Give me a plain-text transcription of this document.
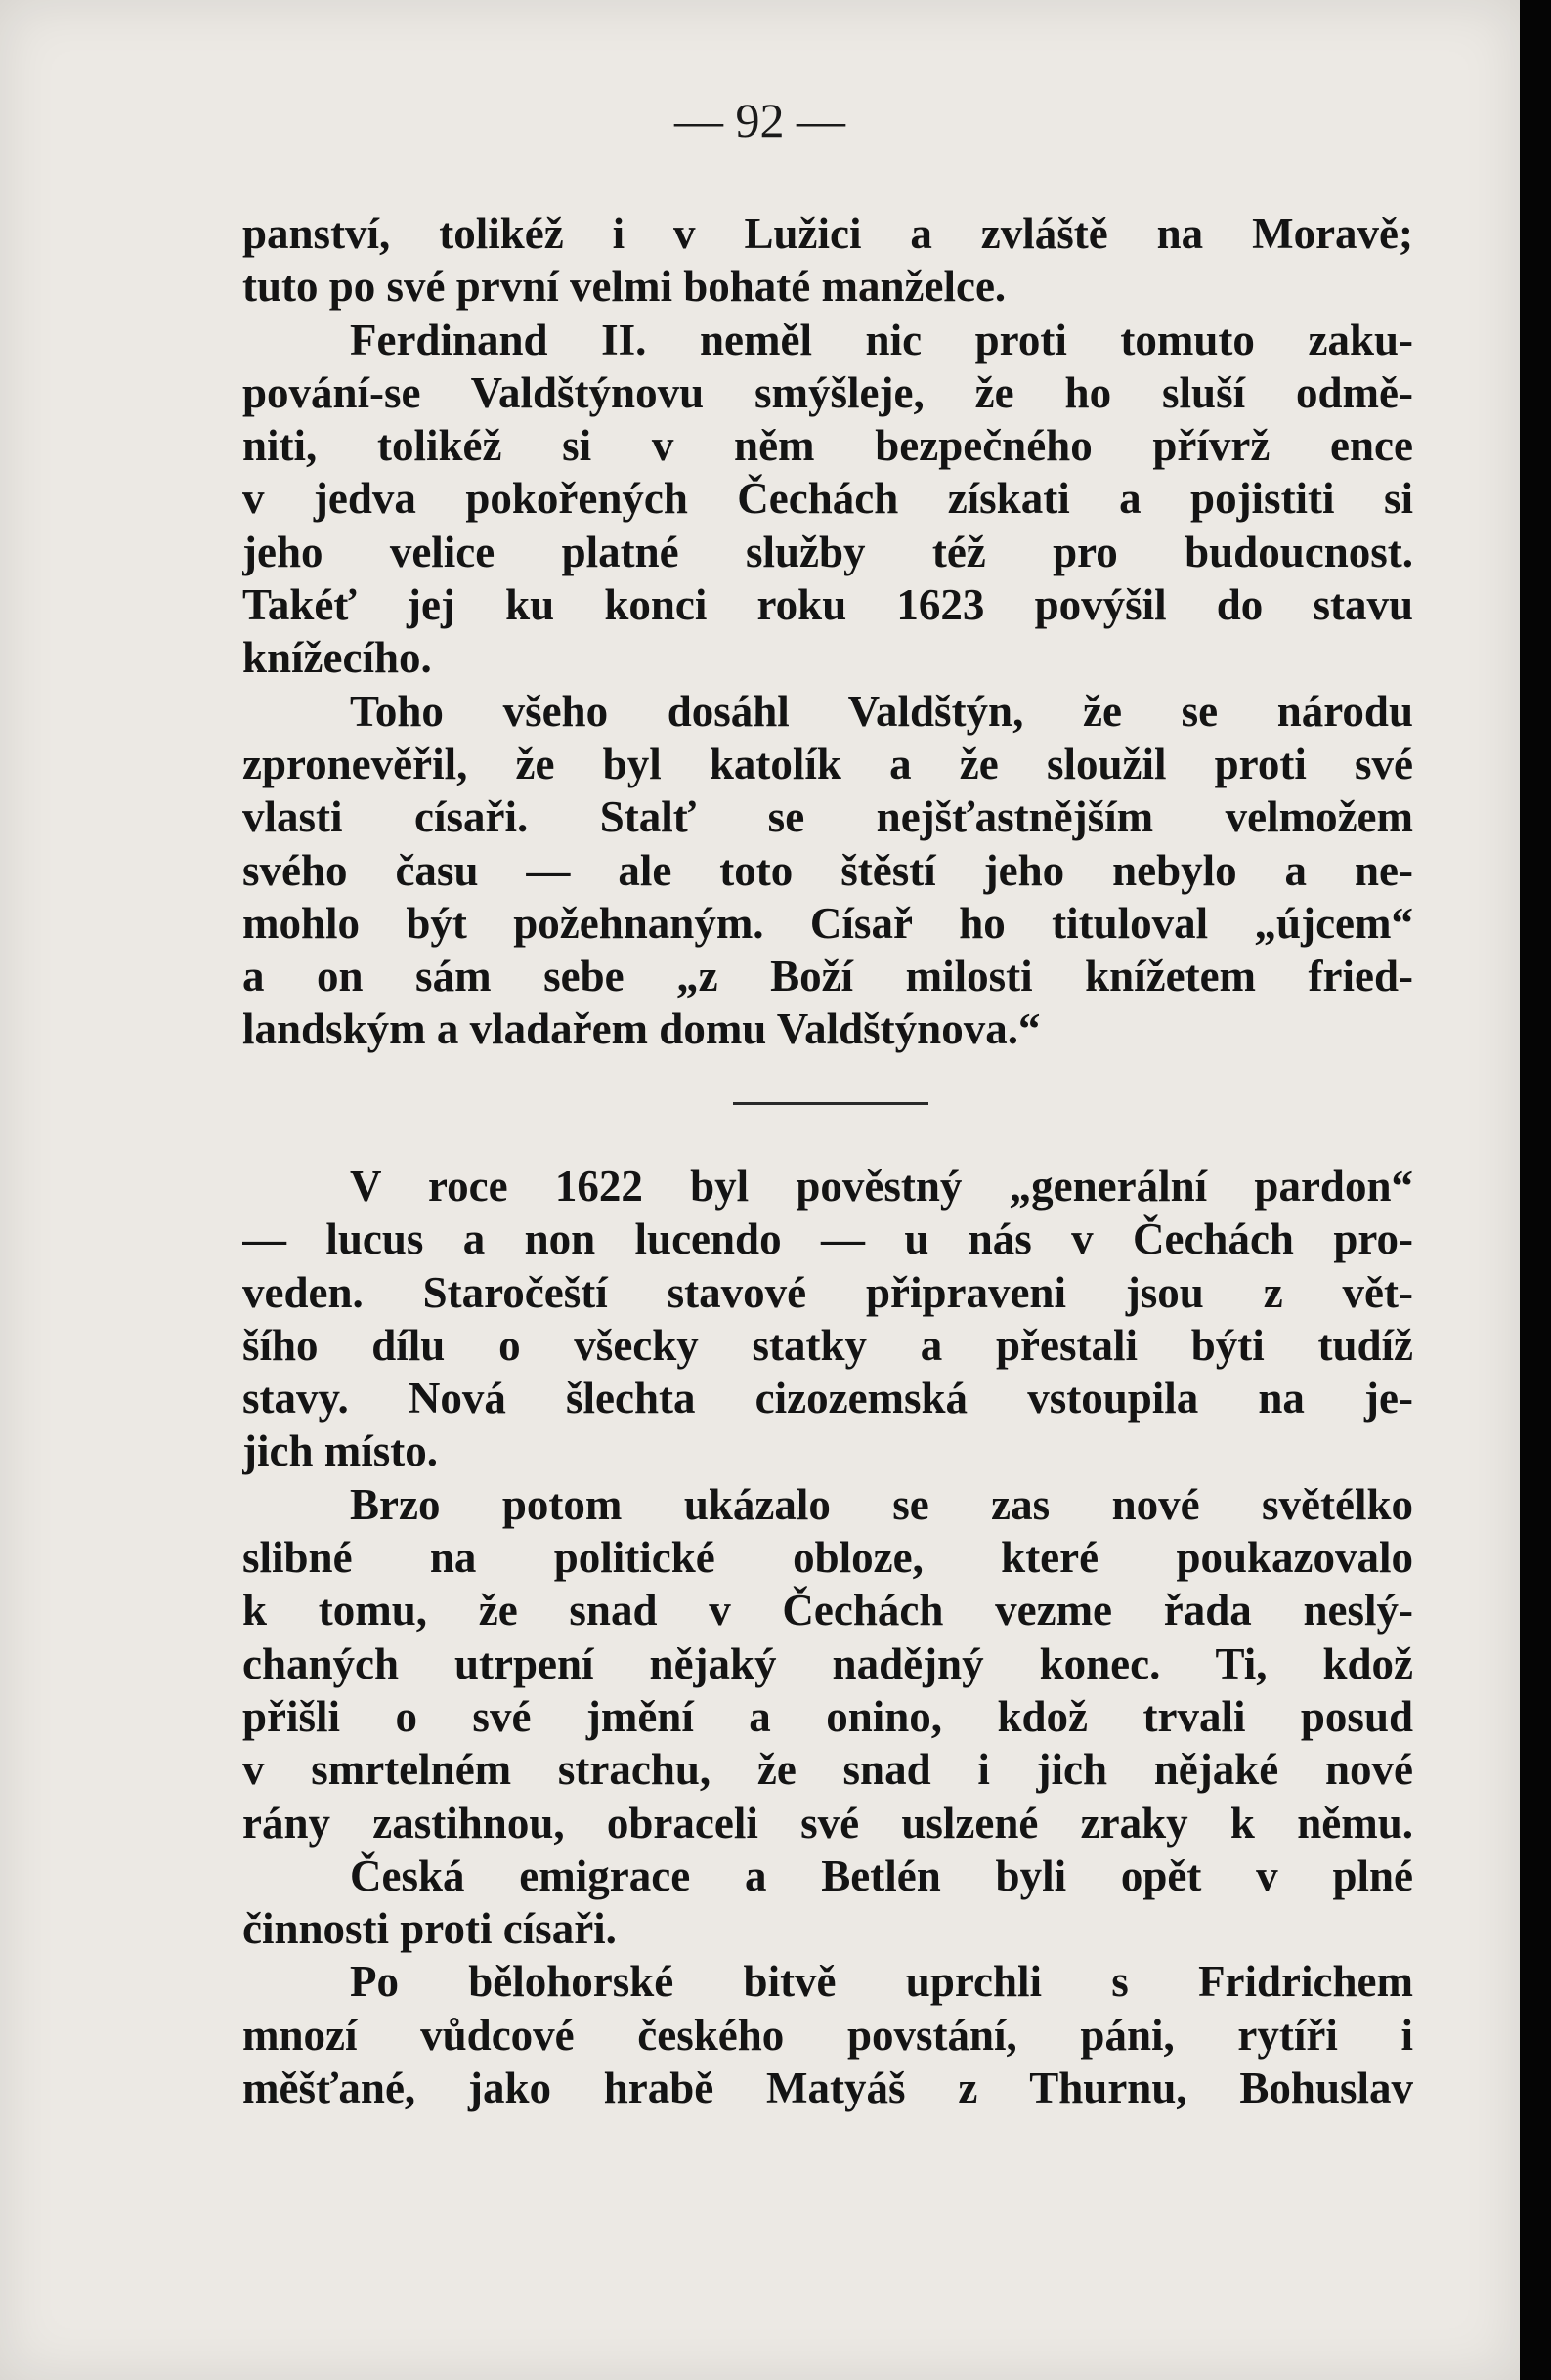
— 92 —
panství, tolikéž i v Lužici a zvláště na Moravě;
tuto po své první velmi bohaté manželce.
Ferdinand II. neměl nic proti tomuto zaku-
pování-se Valdštýnovu smýšleje, že ho sluší odmě-
niti, tolikéž si v něm bezpečného přívrž ence
v jedva pokořených Čechách získati a pojistiti si
jeho velice platné služby též pro budoucnost.
Takéť jej ku konci roku 1623 povýšil do stavu
knížecího.
Toho všeho dosáhl Valdštýn, že se národu
zpronevěřil, že byl katolík a že sloužil proti své
vlasti císaři. Stalť se nejšťastnějším velmožem
svého času — ale toto štěstí jeho nebylo a ne-
mohlo být požehnaným. Císař ho tituloval „újcem“
a on sám sebe „z Boží milosti knížetem fried-
landským a vladařem domu Valdštýnova.“
V roce 1622 byl pověstný „generální pardon“
— lucus a non lucendo — u nás v Čechách pro-
veden. Staročeští stavové připraveni jsou z vět-
šího dílu o všecky statky a přestali býti tudíž
stavy. Nová šlechta cizozemská vstoupila na je-
jich místo.
Brzo potom ukázalo se zas nové světélko
slibné na politické obloze, které poukazovalo
k tomu, že snad v Čechách vezme řada neslý-
chaných utrpení nějaký nadějný konec. Ti, kdož
přišli o své jmění a onino, kdož trvali posud
v smrtelném strachu, že snad i jich nějaké nové
rány zastihnou, obraceli své uslzené zraky k němu.
Česká emigrace a Betlén byli opět v plné
činnosti proti císaři.
Po bělohorské bitvě uprchli s Fridrichem
mnozí vůdcové českého povstání, páni, rytíři i
měšťané, jako hrabě Matyáš z Thurnu, Bohuslav
